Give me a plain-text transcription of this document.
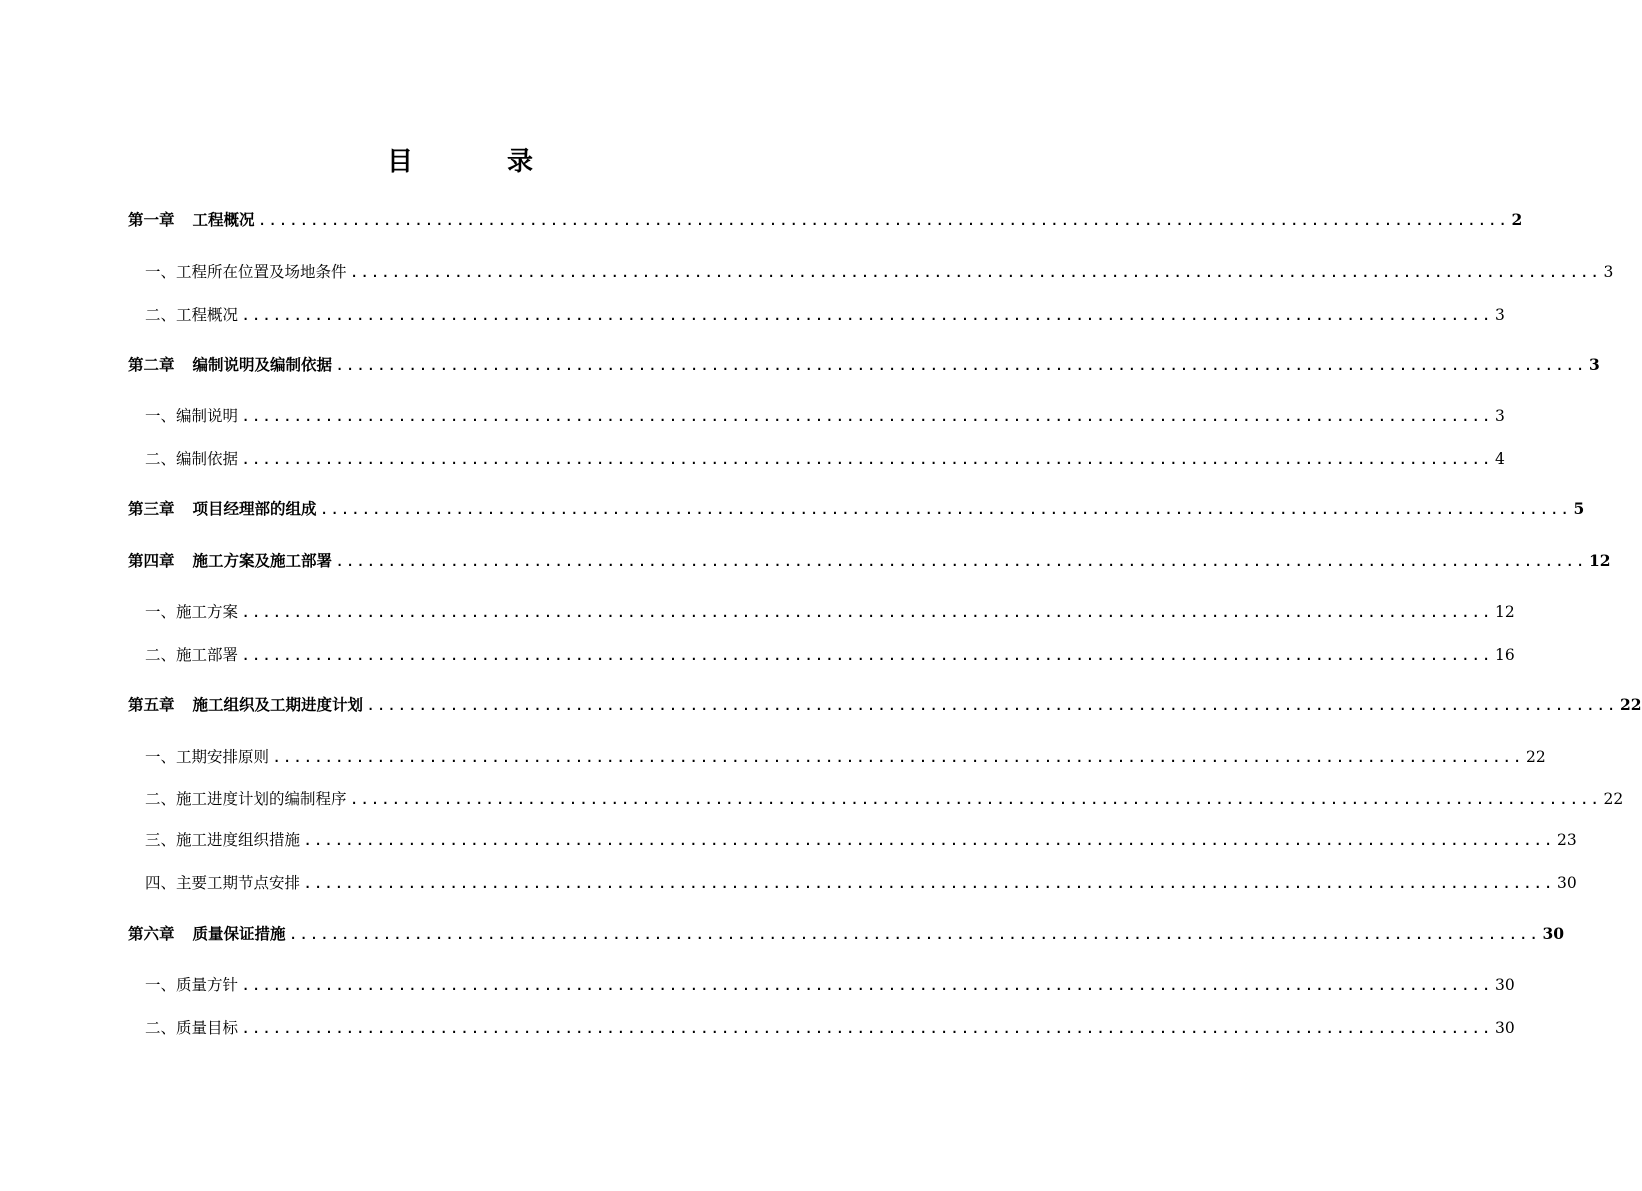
目　录
第一章 工程概况 ........................................................................................................................ 2
一、工程所在位置及场地条件 ........................................................................................................................ 3
二、工程概况 ........................................................................................................................ 3
第二章 编制说明及编制依据 ........................................................................................................................ 3
一、编制说明 ........................................................................................................................ 3
二、编制依据 ........................................................................................................................ 4
第三章 项目经理部的组成 ........................................................................................................................ 5
第四章 施工方案及施工部署 ........................................................................................................................ 12
一、施工方案 ........................................................................................................................ 12
二、施工部署 ........................................................................................................................ 16
第五章 施工组织及工期进度计划 ........................................................................................................................ 22
一、工期安排原则 ........................................................................................................................ 22
二、施工进度计划的编制程序 ........................................................................................................................ 22
三、施工进度组织措施 ........................................................................................................................ 23
四、主要工期节点安排 ........................................................................................................................ 30
第六章 质量保证措施 ........................................................................................................................ 30
一、质量方针 ........................................................................................................................ 30
二、质量目标 ........................................................................................................................ 30
